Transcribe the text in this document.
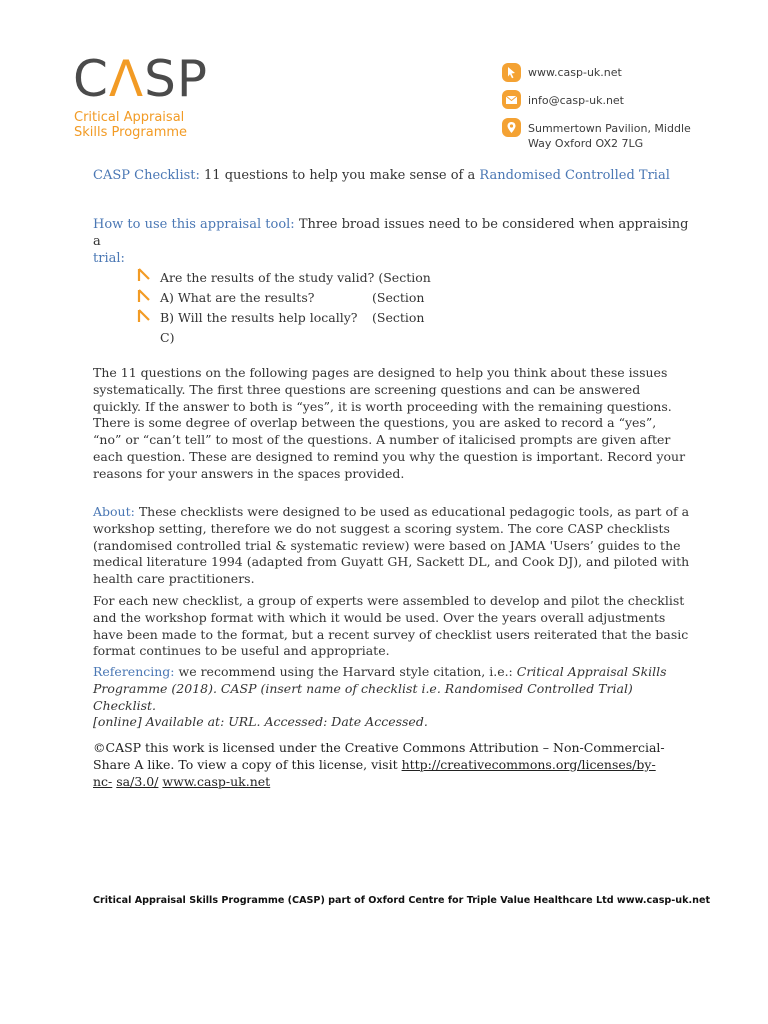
CΛSP
Critical Appraisal
Skills Programme
www.casp-uk.net
info@casp-uk.net
Summertown Pavilion, Middle
Way Oxford OX2 7LG
CASP Checklist: 11 questions to help you make sense of a Randomised Controlled Trial
How to use this appraisal tool: Three broad issues need to be considered when appraising a
trial:
Are the results of the study valid? (Section
A) What are the results?	(Section
B) Will the results help locally? (Section
C)
The 11 questions on the following pages are designed to help you think about these issues
systematically. The first three questions are screening questions and can be answered
quickly. If the answer to both is “yes”, it is worth proceeding with the remaining questions.
There is some degree of overlap between the questions, you are asked to record a “yes”,
“no” or “can’t tell” to most of the questions. A number of italicised prompts are given after
each question. These are designed to remind you why the question is important. Record your
reasons for your answers in the spaces provided.
About: These checklists were designed to be used as educational pedagogic tools, as part of a
workshop setting, therefore we do not suggest a scoring system. The core CASP checklists
(randomised controlled trial & systematic review) were based on JAMA 'Users’ guides to the
medical literature 1994 (adapted from Guyatt GH, Sackett DL, and Cook DJ), and piloted with
health care practitioners.
For each new checklist, a group of experts were assembled to develop and pilot the checklist
and the workshop format with which it would be used. Over the years overall adjustments
have been made to the format, but a recent survey of checklist users reiterated that the basic
format continues to be useful and appropriate.
Referencing: we recommend using the Harvard style citation, i.e.: Critical Appraisal Skills
Programme (2018). CASP (insert name of checklist i.e. Randomised Controlled Trial) Checklist.
[online] Available at: URL. Accessed: Date Accessed.
©CASP this work is licensed under the Creative Commons Attribution – Non-Commercial-
Share A like. To view a copy of this license, visit http://creativecommons.org/licenses/by-
nc- sa/3.0/ www.casp-uk.net
Critical Appraisal Skills Programme (CASP) part of Oxford Centre for Triple Value Healthcare Ltd www.casp-uk.net
